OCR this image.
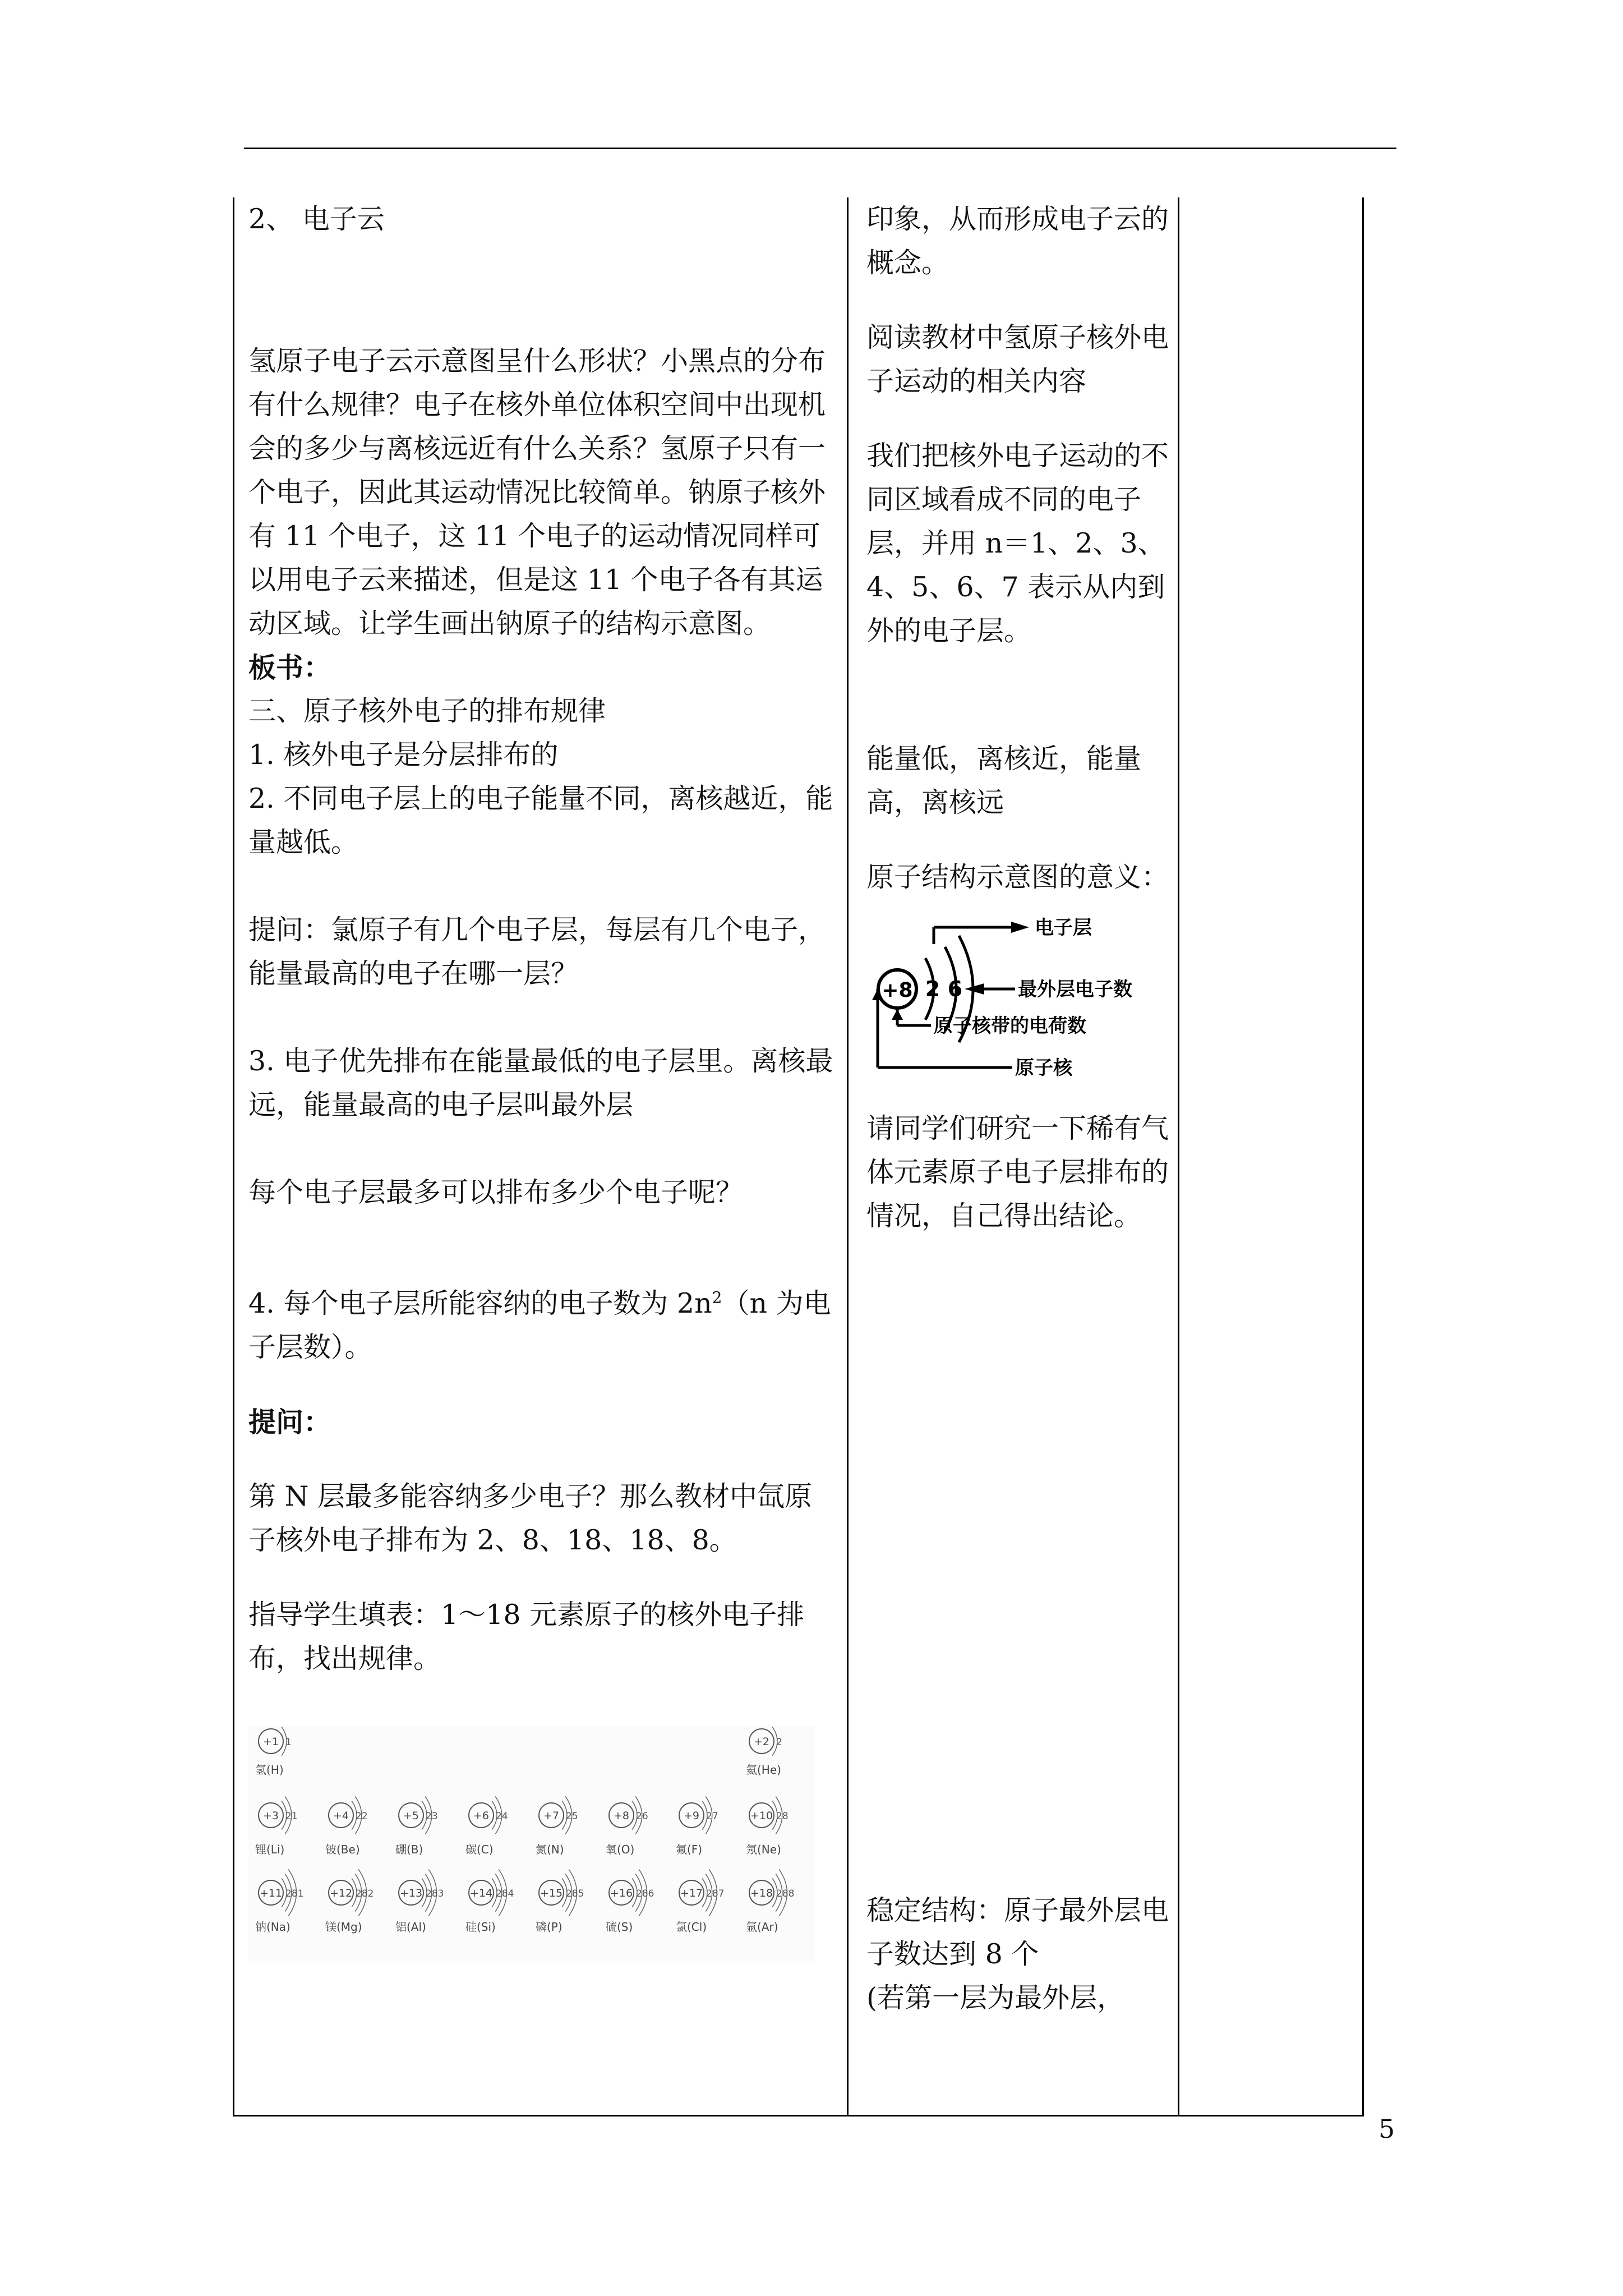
2、 电子云

氢原子电子云示意图呈什么形状？小黑点的分布有什么规律？电子在核外单位体积空间中出现机会的多少与离核远近有什么关系？氢原子只有一个电子，因此其运动情况比较简单。钠原子核外有 11 个电子，这 11 个电子的运动情况同样可以用电子云来描述，但是这 11 个电子各有其运动区域。让学生画出钠原子的结构示意图。

板书：

三、原子核外电子的排布规律

1. 核外电子是分层排布的

2. 不同电子层上的电子能量不同，离核越近，能量越低。

提问：氯原子有几个电子层，每层有几个电子，能量最高的电子在哪一层？

3. 电子优先排布在能量最低的电子层里。离核最远，能量最高的电子层叫最外层

每个电子层最多可以排布多少个电子呢？

4. 每个电子层所能容纳的电子数为 $2n^2(n$ 为电子层数）。

提问：

第 N 层最多能容纳多少电子？那么教材中氙原子核外电子排布为 2、8、18、18、8。

指导学生填表：1～18 元素原子的核外电子排布，找出规律。

+1 1
氢(H)
+2 2
氦(He)
+3 21
锂(Li)
+4 22
铍(Be)
+5 23
硼(B)
+6 24
碳(C)
+7 25
氮(N)
+8 26
氧(O)
+9 27
氟(F)
+10 28
氖(Ne)
+11 281
钠(Na)
+12 282
镁(Mg)
+13 283
铝(Al)
+14 284
硅(Si)
+15 285
磷(P)
+16 286
硫(S)
+17 287
氯(Cl)
+18 288
氩(Ar)

印象，从而形成电子云的概念。

阅读教材中氢原子核外电子运动的相关内容

我们把核外电子运动的不同区域看成不同的电子层，并用 n＝1、2、3、4、5、6、7 表示从内到外的电子层。

能量低，离核近，能量高，离核远

原子结构示意图的意义：

+8 2 6
电子层
最外层电子数
原子核带的电荷数
原子核

请同学们研究一下稀有气体元素原子电子层排布的情况，自己得出结论。

稳定结构：原子最外层电子数达到 8 个

(若第一层为最外层，

5
